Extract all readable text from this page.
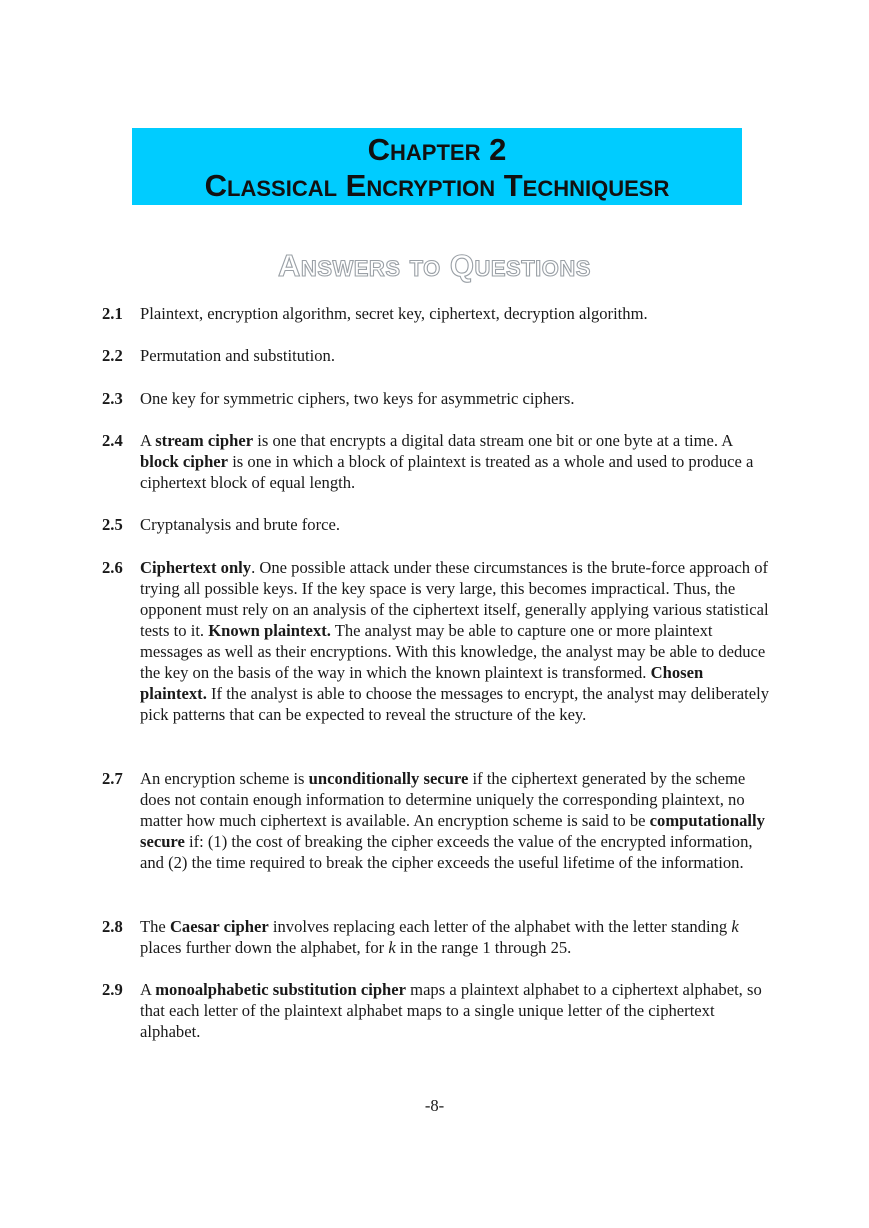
Chapter 2
Classical Encryption Techniquesr
Answers to Questions
2.1 Plaintext, encryption algorithm, secret key, ciphertext, decryption algorithm.
2.2 Permutation and substitution.
2.3 One key for symmetric ciphers, two keys for asymmetric ciphers.
2.4 A stream cipher is one that encrypts a digital data stream one bit or one byte at a time. A block cipher is one in which a block of plaintext is treated as a whole and used to produce a ciphertext block of equal length.
2.5 Cryptanalysis and brute force.
2.6 Ciphertext only. One possible attack under these circumstances is the brute-force approach of trying all possible keys. If the key space is very large, this becomes impractical. Thus, the opponent must rely on an analysis of the ciphertext itself, generally applying various statistical tests to it. Known plaintext. The analyst may be able to capture one or more plaintext messages as well as their encryptions. With this knowledge, the analyst may be able to deduce the key on the basis of the way in which the known plaintext is transformed. Chosen plaintext. If the analyst is able to choose the messages to encrypt, the analyst may deliberately pick patterns that can be expected to reveal the structure of the key.
2.7 An encryption scheme is unconditionally secure if the ciphertext generated by the scheme does not contain enough information to determine uniquely the corresponding plaintext, no matter how much ciphertext is available. An encryption scheme is said to be computationally secure if: (1) the cost of breaking the cipher exceeds the value of the encrypted information, and (2) the time required to break the cipher exceeds the useful lifetime of the information.
2.8 The Caesar cipher involves replacing each letter of the alphabet with the letter standing k places further down the alphabet, for k in the range 1 through 25.
2.9 A monoalphabetic substitution cipher maps a plaintext alphabet to a ciphertext alphabet, so that each letter of the plaintext alphabet maps to a single unique letter of the ciphertext alphabet.
-8-
